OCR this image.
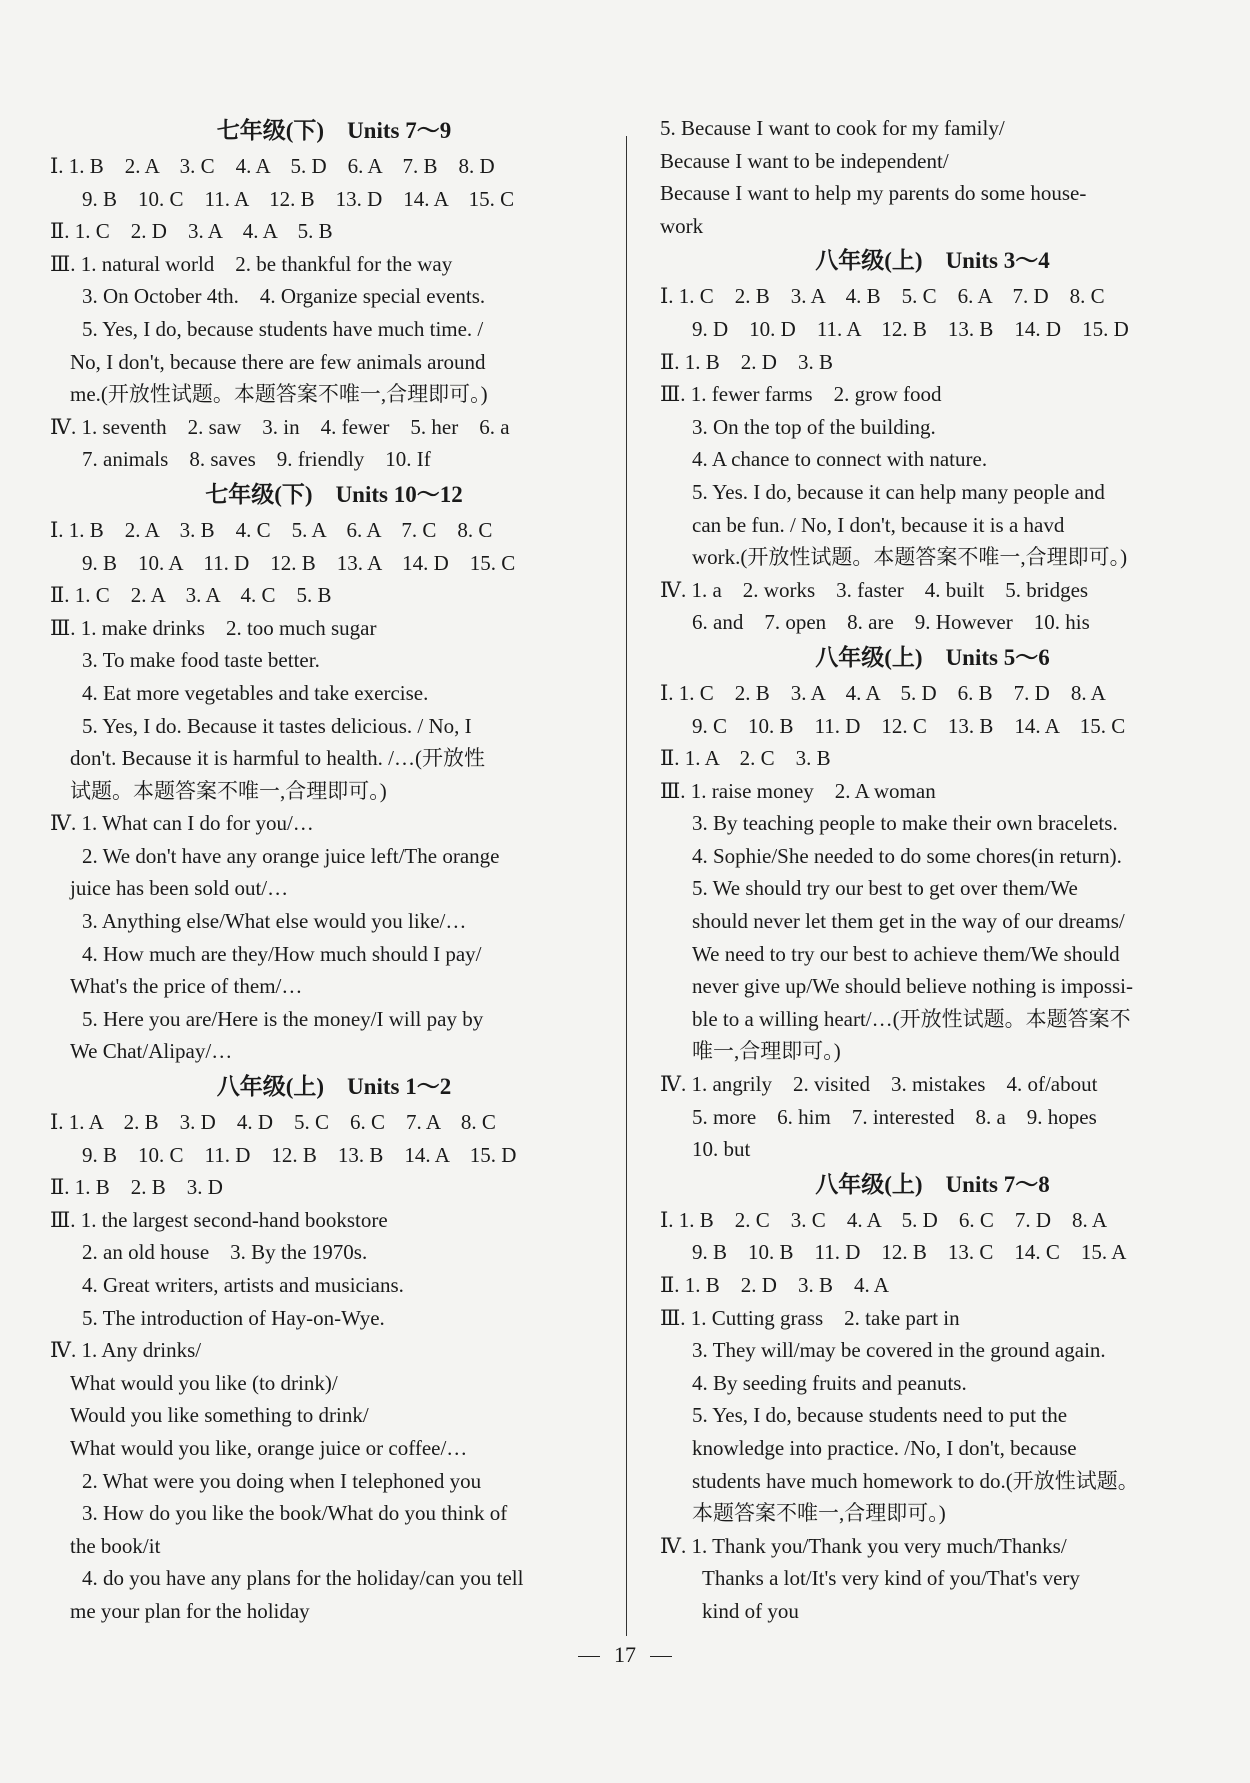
七年级(下)　Units 7～9
Ⅰ. 1. B　2. A　3. C　4. A　5. D　6. A　7. B　8. D
9. B　10. C　11. A　12. B　13. D　14. A　15. C
Ⅱ. 1. C　2. D　3. A　4. A　5. B
Ⅲ. 1. natural world　2. be thankful for the way
3. On October 4th.　4. Organize special events.
5. Yes, I do, because students have much time. /
No, I don't, because there are few animals around
me.(开放性试题。本题答案不唯一,合理即可。)
Ⅳ. 1. seventh　2. saw　3. in　4. fewer　5. her　6. a
7. animals　8. saves　9. friendly　10. If
七年级(下)　Units 10～12
Ⅰ. 1. B　2. A　3. B　4. C　5. A　6. A　7. C　8. C
9. B　10. A　11. D　12. B　13. A　14. D　15. C
Ⅱ. 1. C　2. A　3. A　4. C　5. B
Ⅲ. 1. make drinks　2. too much sugar
3. To make food taste better.
4. Eat more vegetables and take exercise.
5. Yes, I do. Because it tastes delicious. / No, I
don't. Because it is harmful to health. /…(开放性
试题。本题答案不唯一,合理即可。)
Ⅳ. 1. What can I do for you/…
2. We don't have any orange juice left/The orange
juice has been sold out/…
3. Anything else/What else would you like/…
4. How much are they/How much should I pay/
What's the price of them/…
5. Here you are/Here is the money/I will pay by
We Chat/Alipay/…
八年级(上)　Units 1～2
Ⅰ. 1. A　2. B　3. D　4. D　5. C　6. C　7. A　8. C
9. B　10. C　11. D　12. B　13. B　14. A　15. D
Ⅱ. 1. B　2. B　3. D
Ⅲ. 1. the largest second-hand bookstore
2. an old house　3. By the 1970s.
4. Great writers, artists and musicians.
5. The introduction of Hay-on-Wye.
Ⅳ. 1. Any drinks/
What would you like (to drink)/
Would you like something to drink/
What would you like, orange juice or coffee/…
2. What were you doing when I telephoned you
3. How do you like the book/What do you think of
the book/it
4. do you have any plans for the holiday/can you tell
me your plan for the holiday
5. Because I want to cook for my family/
Because I want to be independent/
Because I want to help my parents do some house-
work
八年级(上)　Units 3～4
Ⅰ. 1. C　2. B　3. A　4. B　5. C　6. A　7. D　8. C
9. D　10. D　11. A　12. B　13. B　14. D　15. D
Ⅱ. 1. B　2. D　3. B
Ⅲ. 1. fewer farms　2. grow food
3. On the top of the building.
4. A chance to connect with nature.
5. Yes. I do, because it can help many people and
can be fun. / No, I don't, because it is a havd
work.(开放性试题。本题答案不唯一,合理即可。)
Ⅳ. 1. a　2. works　3. faster　4. built　5. bridges
6. and　7. open　8. are　9. However　10. his
八年级(上)　Units 5～6
Ⅰ. 1. C　2. B　3. A　4. A　5. D　6. B　7. D　8. A
9. C　10. B　11. D　12. C　13. B　14. A　15. C
Ⅱ. 1. A　2. C　3. B
Ⅲ. 1. raise money　2. A woman
3. By teaching people to make their own bracelets.
4. Sophie/She needed to do some chores(in return).
5. We should try our best to get over them/We
should never let them get in the way of our dreams/
We need to try our best to achieve them/We should
never give up/We should believe nothing is impossi-
ble to a willing heart/…(开放性试题。本题答案不
唯一,合理即可。)
Ⅳ. 1. angrily　2. visited　3. mistakes　4. of/about
5. more　6. him　7. interested　8. a　9. hopes
10. but
八年级(上)　Units 7～8
Ⅰ. 1. B　2. C　3. C　4. A　5. D　6. C　7. D　8. A
9. B　10. B　11. D　12. B　13. C　14. C　15. A
Ⅱ. 1. B　2. D　3. B　4. A
Ⅲ. 1. Cutting grass　2. take part in
3. They will/may be covered in the ground again.
4. By seeding fruits and peanuts.
5. Yes, I do, because students need to put the
knowledge into practice. /No, I don't, because
students have much homework to do.(开放性试题。
本题答案不唯一,合理即可。)
Ⅳ. 1. Thank you/Thank you very much/Thanks/
Thanks a lot/It's very kind of you/That's very
kind of you
17
